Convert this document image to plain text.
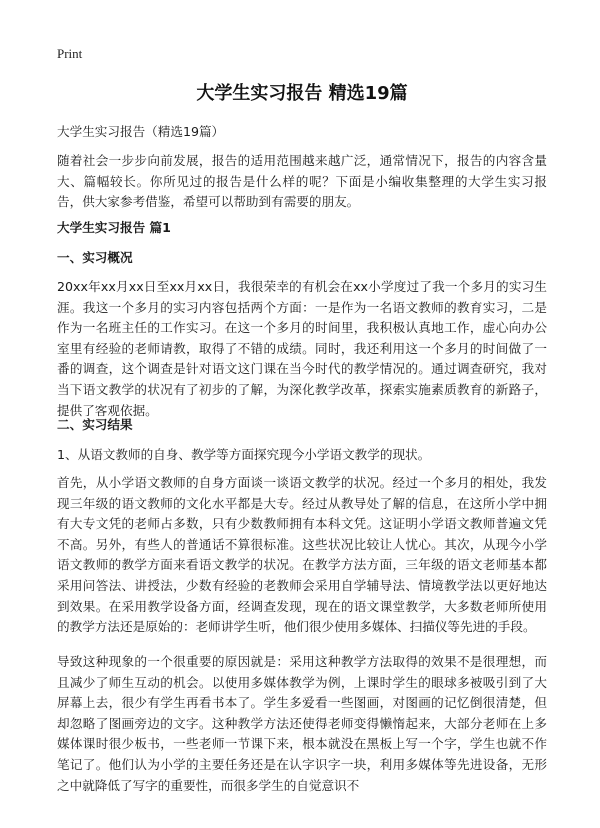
Print
大学生实习报告 精选19篇
大学生实习报告（精选19篇）
随着社会一步步向前发展，报告的适用范围越来越广泛，通常情况下，报告的内容含量大、篇幅较长。你所见过的报告是什么样的呢？下面是小编收集整理的大学生实习报告，供大家参考借鉴，希望可以帮助到有需要的朋友。
大学生实习报告 篇1
一、实习概况
20xx年xx月xx日至xx月xx日，我很荣幸的有机会在xx小学度过了我一个多月的实习生涯。我这一个多月的实习内容包括两个方面：一是作为一名语文教师的教育实习，二是作为一名班主任的工作实习。在这一个多月的时间里，我积极认真地工作，虚心向办公室里有经验的老师请教，取得了不错的成绩。同时，我还利用这一个多月的时间做了一番的调查，这个调查是针对语文这门课在当今时代的教学情况的。通过调查研究，我对当下语文教学的状况有了初步的了解，为深化教学改革，探索实施素质教育的新路子，提供了客观依据。
二、实习结果
1、从语文教师的自身、教学等方面探究现今小学语文教学的现状。
首先，从小学语文教师的自身方面谈一谈语文教学的状况。经过一个多月的相处，我发现三年级的语文教师的文化水平都是大专。经过从教导处了解的信息，在这所小学中拥有大专文凭的老师占多数，只有少数教师拥有本科文凭。这证明小学语文教师普遍文凭不高。另外，有些人的普通话不算很标准。这些状况比较让人忧心。其次，从现今小学语文教师的教学方面来看语文教学的状况。在教学方法方面，三年级的语文老师基本都采用问答法、讲授法，少数有经验的老教师会采用自学辅导法、情境教学法以更好地达到效果。在采用教学设备方面，经调查发现，现在的语文课堂教学，大多数老师所使用的教学方法还是原始的：老师讲学生听，他们很少使用多媒体、扫描仪等先进的手段。
导致这种现象的一个很重要的原因就是：采用这种教学方法取得的效果不是很理想，而且减少了师生互动的机会。以使用多媒体教学为例，上课时学生的眼球多被吸引到了大屏幕上去，很少有学生再看书本了。学生多爱看一些图画，对图画的记忆倒很清楚，但却忽略了图画旁边的文字。这种教学方法还使得老师变得懒惰起来，大部分老师在上多媒体课时很少板书，一些老师一节课下来，根本就没在黑板上写一个字，学生也就不作笔记了。他们认为小学的主要任务还是在认字识字一块，利用多媒体等先进设备，无形之中就降低了写字的重要性，而很多学生的自觉意识不
